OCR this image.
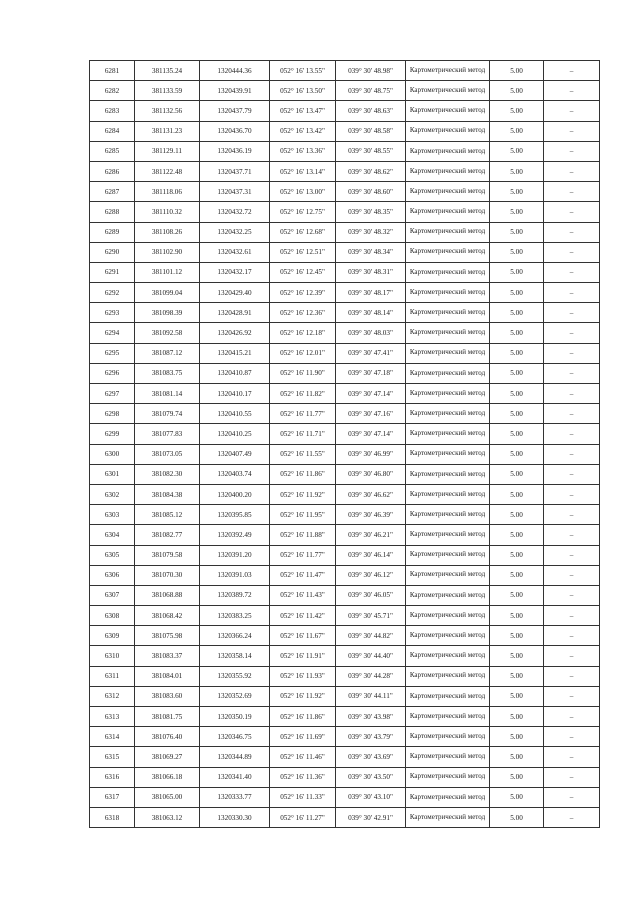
6281	381135.24	1320444.36	052° 16' 13.55"	039° 30' 48.98"	Картометрический метод	5.00	–
6282	381133.59	1320439.91	052° 16' 13.50"	039° 30' 48.75"	Картометрический метод	5.00	–
6283	381132.56	1320437.79	052° 16' 13.47"	039° 30' 48.63"	Картометрический метод	5.00	–
6284	381131.23	1320436.70	052° 16' 13.42"	039° 30' 48.58"	Картометрический метод	5.00	–
6285	381129.11	1320436.19	052° 16' 13.36"	039° 30' 48.55"	Картометрический метод	5.00	–
6286	381122.48	1320437.71	052° 16' 13.14"	039° 30' 48.62"	Картометрический метод	5.00	–
6287	381118.06	1320437.31	052° 16' 13.00"	039° 30' 48.60"	Картометрический метод	5.00	–
6288	381110.32	1320432.72	052° 16' 12.75"	039° 30' 48.35"	Картометрический метод	5.00	–
6289	381108.26	1320432.25	052° 16' 12.68"	039° 30' 48.32"	Картометрический метод	5.00	–
6290	381102.90	1320432.61	052° 16' 12.51"	039° 30' 48.34"	Картометрический метод	5.00	–
6291	381101.12	1320432.17	052° 16' 12.45"	039° 30' 48.31"	Картометрический метод	5.00	–
6292	381099.04	1320429.40	052° 16' 12.39"	039° 30' 48.17"	Картометрический метод	5.00	–
6293	381098.39	1320428.91	052° 16' 12.36"	039° 30' 48.14"	Картометрический метод	5.00	–
6294	381092.58	1320426.92	052° 16' 12.18"	039° 30' 48.03"	Картометрический метод	5.00	–
6295	381087.12	1320415.21	052° 16' 12.01"	039° 30' 47.41"	Картометрический метод	5.00	–
6296	381083.75	1320410.87	052° 16' 11.90"	039° 30' 47.18"	Картометрический метод	5.00	–
6297	381081.14	1320410.17	052° 16' 11.82"	039° 30' 47.14"	Картометрический метод	5.00	–
6298	381079.74	1320410.55	052° 16' 11.77"	039° 30' 47.16"	Картометрический метод	5.00	–
6299	381077.83	1320410.25	052° 16' 11.71"	039° 30' 47.14"	Картометрический метод	5.00	–
6300	381073.05	1320407.49	052° 16' 11.55"	039° 30' 46.99"	Картометрический метод	5.00	–
6301	381082.30	1320403.74	052° 16' 11.86"	039° 30' 46.80"	Картометрический метод	5.00	–
6302	381084.38	1320400.20	052° 16' 11.92"	039° 30' 46.62"	Картометрический метод	5.00	–
6303	381085.12	1320395.85	052° 16' 11.95"	039° 30' 46.39"	Картометрический метод	5.00	–
6304	381082.77	1320392.49	052° 16' 11.88"	039° 30' 46.21"	Картометрический метод	5.00	–
6305	381079.58	1320391.20	052° 16' 11.77"	039° 30' 46.14"	Картометрический метод	5.00	–
6306	381070.30	1320391.03	052° 16' 11.47"	039° 30' 46.12"	Картометрический метод	5.00	–
6307	381068.88	1320389.72	052° 16' 11.43"	039° 30' 46.05"	Картометрический метод	5.00	–
6308	381068.42	1320383.25	052° 16' 11.42"	039° 30' 45.71"	Картометрический метод	5.00	–
6309	381075.98	1320366.24	052° 16' 11.67"	039° 30' 44.82"	Картометрический метод	5.00	–
6310	381083.37	1320358.14	052° 16' 11.91"	039° 30' 44.40"	Картометрический метод	5.00	–
6311	381084.01	1320355.92	052° 16' 11.93"	039° 30' 44.28"	Картометрический метод	5.00	–
6312	381083.60	1320352.69	052° 16' 11.92"	039° 30' 44.11"	Картометрический метод	5.00	–
6313	381081.75	1320350.19	052° 16' 11.86"	039° 30' 43.98"	Картометрический метод	5.00	–
6314	381076.40	1320346.75	052° 16' 11.69"	039° 30' 43.79"	Картометрический метод	5.00	–
6315	381069.27	1320344.89	052° 16' 11.46"	039° 30' 43.69"	Картометрический метод	5.00	–
6316	381066.18	1320341.40	052° 16' 11.36"	039° 30' 43.50"	Картометрический метод	5.00	–
6317	381065.00	1320333.77	052° 16' 11.33"	039° 30' 43.10"	Картометрический метод	5.00	–
6318	381063.12	1320330.30	052° 16' 11.27"	039° 30' 42.91"	Картометрический метод	5.00	–
